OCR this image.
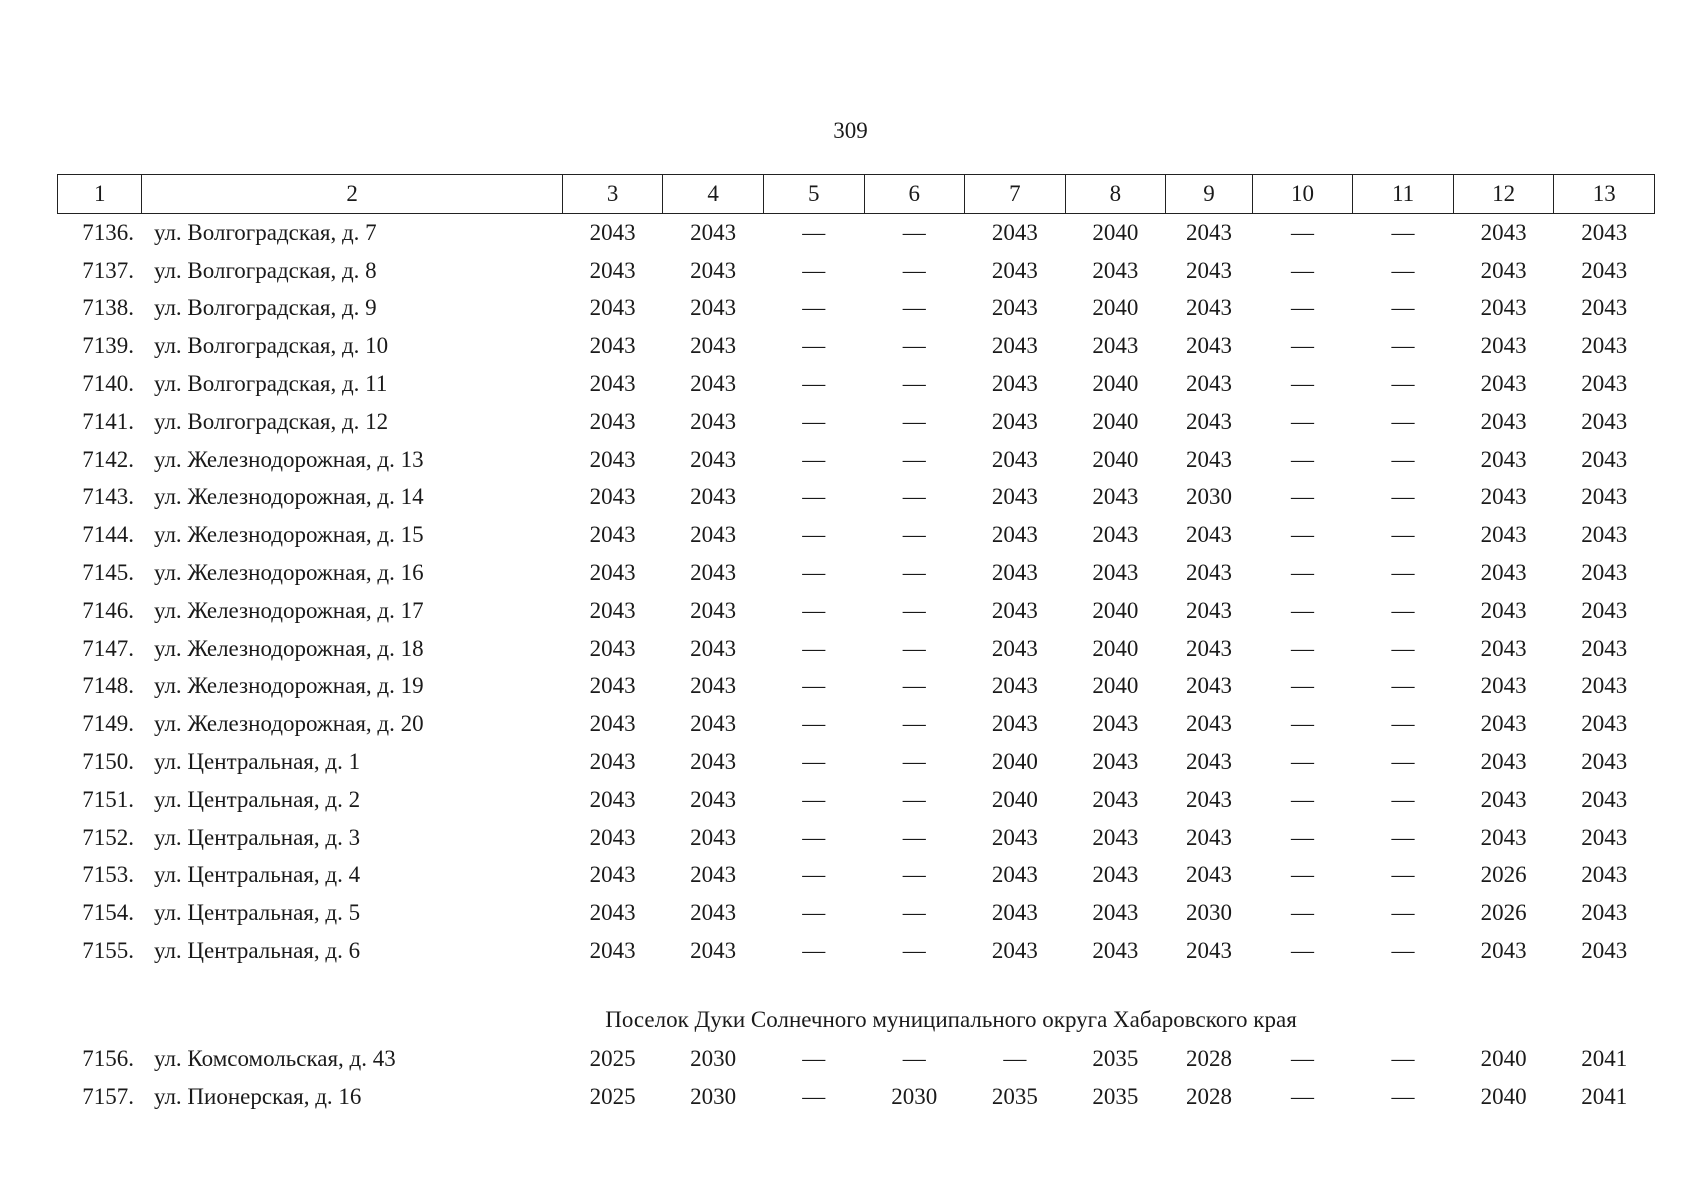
309
1	2	3	4	5	6	7	8	9	10	11	12	13
7136.	ул. Волгоградская, д. 7	2043	2043	—	—	2043	2040	2043	—	—	2043	2043
7137.	ул. Волгоградская, д. 8	2043	2043	—	—	2043	2043	2043	—	—	2043	2043
7138.	ул. Волгоградская, д. 9	2043	2043	—	—	2043	2040	2043	—	—	2043	2043
7139.	ул. Волгоградская, д. 10	2043	2043	—	—	2043	2043	2043	—	—	2043	2043
7140.	ул. Волгоградская, д. 11	2043	2043	—	—	2043	2040	2043	—	—	2043	2043
7141.	ул. Волгоградская, д. 12	2043	2043	—	—	2043	2040	2043	—	—	2043	2043
7142.	ул. Железнодорожная, д. 13	2043	2043	—	—	2043	2040	2043	—	—	2043	2043
7143.	ул. Железнодорожная, д. 14	2043	2043	—	—	2043	2043	2030	—	—	2043	2043
7144.	ул. Железнодорожная, д. 15	2043	2043	—	—	2043	2043	2043	—	—	2043	2043
7145.	ул. Железнодорожная, д. 16	2043	2043	—	—	2043	2043	2043	—	—	2043	2043
7146.	ул. Железнодорожная, д. 17	2043	2043	—	—	2043	2040	2043	—	—	2043	2043
7147.	ул. Железнодорожная, д. 18	2043	2043	—	—	2043	2040	2043	—	—	2043	2043
7148.	ул. Железнодорожная, д. 19	2043	2043	—	—	2043	2040	2043	—	—	2043	2043
7149.	ул. Железнодорожная, д. 20	2043	2043	—	—	2043	2043	2043	—	—	2043	2043
7150.	ул. Центральная, д. 1	2043	2043	—	—	2040	2043	2043	—	—	2043	2043
7151.	ул. Центральная, д. 2	2043	2043	—	—	2040	2043	2043	—	—	2043	2043
7152.	ул. Центральная, д. 3	2043	2043	—	—	2043	2043	2043	—	—	2043	2043
7153.	ул. Центральная, д. 4	2043	2043	—	—	2043	2043	2043	—	—	2026	2043
7154.	ул. Центральная, д. 5	2043	2043	—	—	2043	2043	2030	—	—	2026	2043
7155.	ул. Центральная, д. 6	2043	2043	—	—	2043	2043	2043	—	—	2043	2043

Поселок Дуки Солнечного муниципального округа Хабаровского края												
7156.	ул. Комсомольская, д. 43	2025	2030	—	—	—	2035	2028	—	—	2040	2041
7157.	ул. Пионерская, д. 16	2025	2030	—	2030	2035	2035	2028	—	—	2040	2041
